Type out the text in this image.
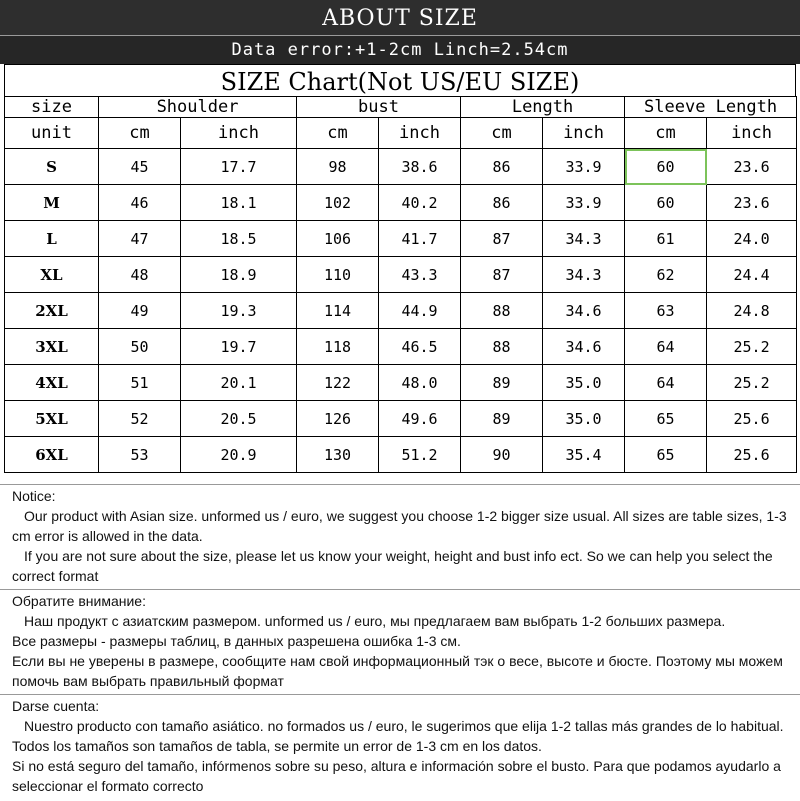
ABOUT SIZE
Data error:+1-2cm Linch=2.54cm
SIZE Chart(Not US/EU SIZE)
size	Shoulder		bust		Length		Sleeve Length	
unit	cm	inch	cm	inch	cm	inch	cm	inch
S	45	17.7	98	38.6	86	33.9	60	23.6
M	46	18.1	102	40.2	86	33.9	60	23.6
L	47	18.5	106	41.7	87	34.3	61	24.0
XL	48	18.9	110	43.3	87	34.3	62	24.4
2XL	49	19.3	114	44.9	88	34.6	63	24.8
3XL	50	19.7	118	46.5	88	34.6	64	25.2
4XL	51	20.1	122	48.0	89	35.0	64	25.2
5XL	52	20.5	126	49.6	89	35.0	65	25.6
6XL	53	20.9	130	51.2	90	35.4	65	25.6

Notice:

Our product with Asian size. unformed us / euro, we suggest you choose 1-2 bigger size usual. All sizes are table sizes, 1-3 cm error is allowed in the data.

If you are not sure about the size, please let us know your weight, height and bust info ect. So we can help you select the correct format

Обратите внимание:

Наш продукт с азиатским размером. unformed us / euro, мы предлагаем вам выбрать 1-2 больших размера.

Все размеры - размеры таблиц, в данных разрешена ошибка 1-3 см.

Если вы не уверены в размере, сообщите нам свой информационный тэк о весе, высоте и бюсте. Поэтому мы можем помочь вам выбрать правильный формат

Darse cuenta:

Nuestro producto con tamaño asiático. no formados us / euro, le sugerimos que elija 1-2 tallas más grandes de lo habitual. Todos los tamaños son tamaños de tabla, se permite un error de 1-3 cm en los datos.

Si no está seguro del tamaño, infórmenos sobre su peso, altura e información sobre el busto. Para que podamos ayudarlo a seleccionar el formato correcto
